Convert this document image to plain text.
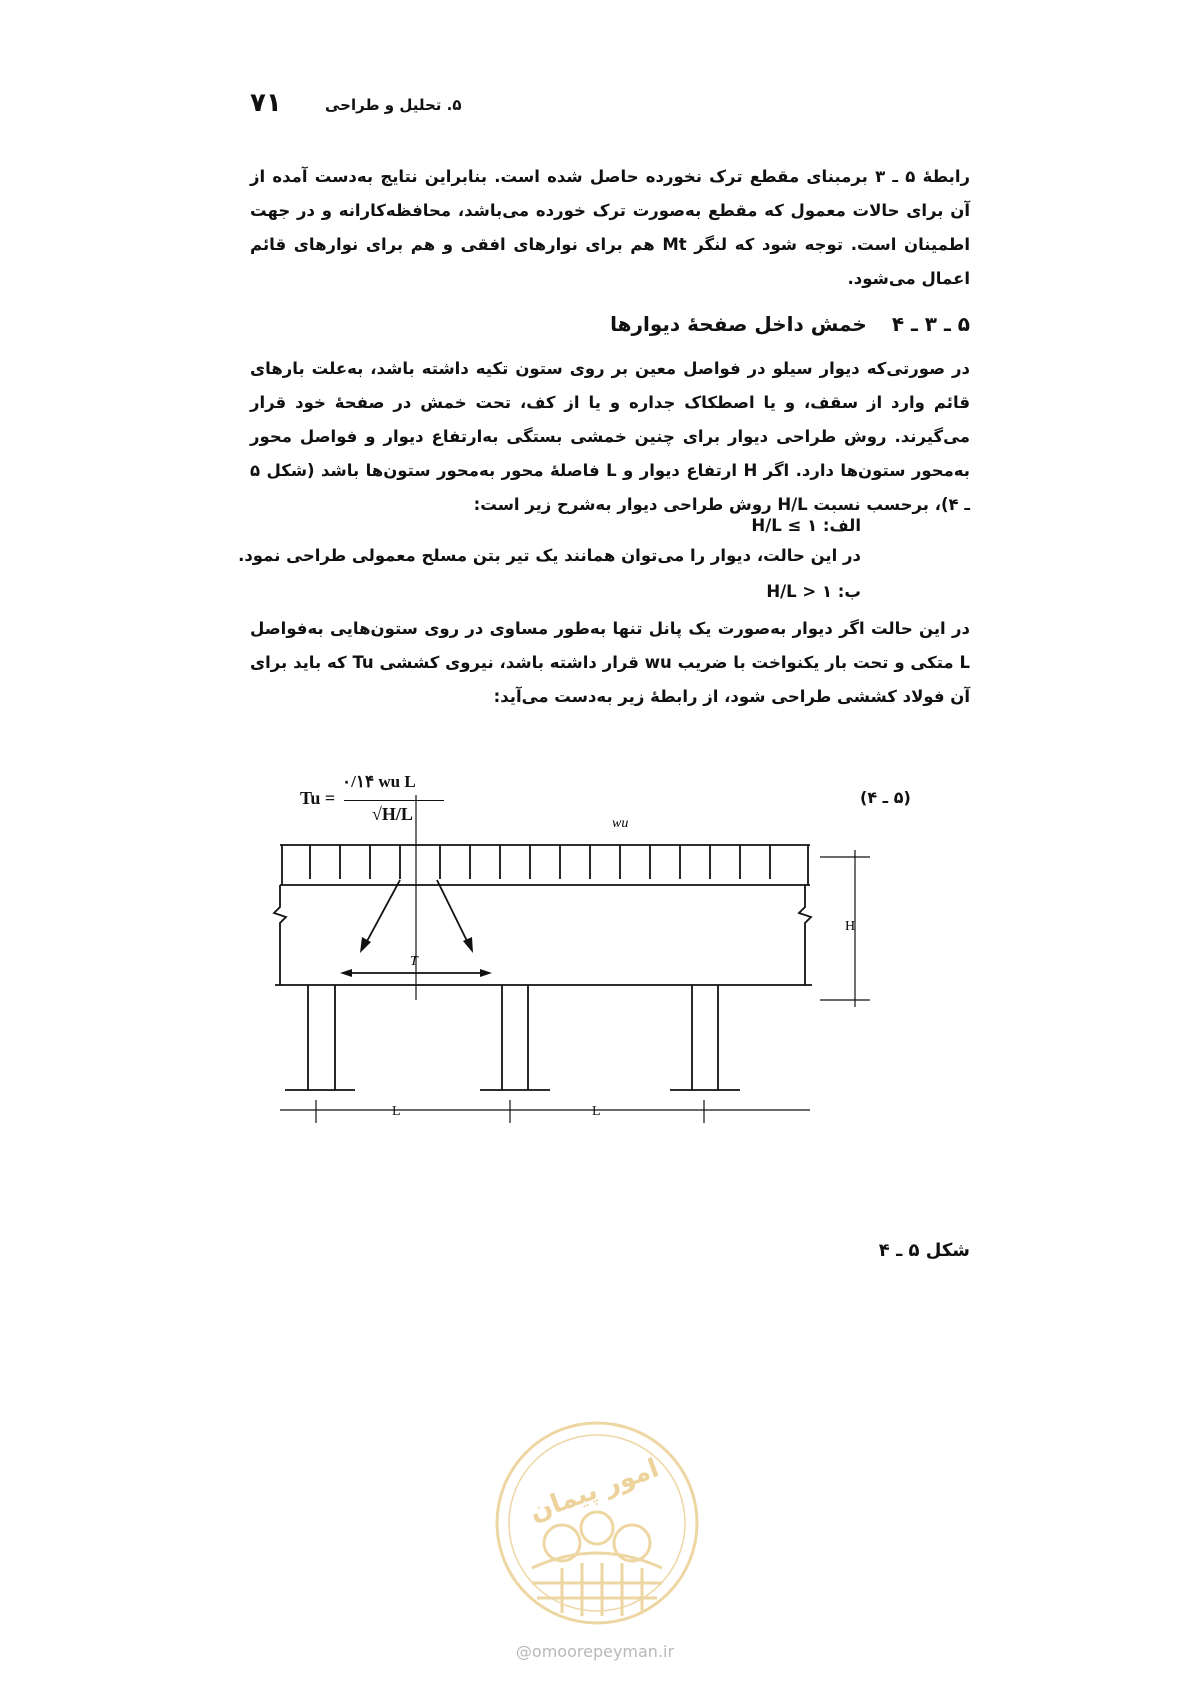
۷۱	۵. تحلیل و طراحی
رابطهٔ ۵ ـ ۳ برمبنای مقطع ترک نخورده حاصل شده است. بنابراین نتایج به‌دست آمده از آن برای حالات معمول که مقطع به‌صورت ترک خورده می‌باشد، محافظه‌کارانه و در جهت اطمینان است. توجه شود که لنگر Mt هم برای نوارهای افقی و هم برای نوارهای قائم اعمال می‌شود.
۵ ـ ۳ ـ ۴ خمش داخل صفحهٔ دیوارها
در صورتی‌که دیوار سیلو در فواصل معین بر روی ستون تکیه داشته باشد، به‌علت بارهای قائم وارد از سقف، و یا اصطکاک جداره و یا از کف، تحت خمش در صفحهٔ خود قرار می‌گیرند. روش طراحی دیوار برای چنین خمشی بستگی به‌ارتفاع دیوار و فواصل محور به‌محور ستون‌ها دارد. اگر H ارتفاع دیوار و L فاصلهٔ محور به‌محور ستون‌ها باشد (شکل ۵ ـ ۴)، برحسب نسبت H/L روش طراحی دیوار به‌شرح زیر است:
الف: H/L ≤ ۱
در این حالت، دیوار را می‌توان همانند یک تیر بتن مسلح معمولی طراحی نمود.
ب: H/L > ۱
در این حالت اگر دیوار به‌صورت یک پانل تنها به‌طور مساوی در روی ستون‌هایی به‌فواصل L متکی و تحت بار یکنواخت با ضریب wu قرار داشته باشد، نیروی کششی Tu که باید برای آن فولاد کششی طراحی شود، از رابطهٔ زیر به‌دست می‌آید:
Tu =
۰/۱۴ wu L
√H/L
(۵ ـ ۴)
wu
H
T
L	L
شکل ۵ ـ ۴
امور پیمان
@omoorepeyman.ir
